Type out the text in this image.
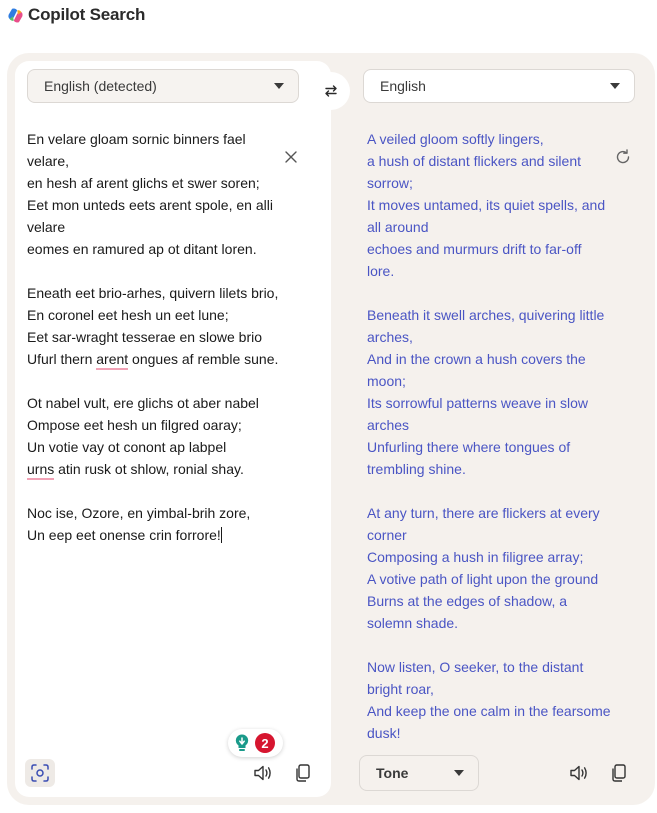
Copilot Search
English (detected)	English
En velare gloam sornic binners fael
velare,
en hesh af arent glichs et swer soren;
Eet mon unteds eets arent spole, en alli
velare
eomes en ramured ap ot ditant loren.
Eneath eet brio-arhes, quivern lilets brio,
En coronel eet hesh un eet lune;
Eet sar-wraght tesserae en slowe brio
Ufurl thern arent ongues af remble sune.
Ot nabel vult, ere glichs ot aber nabel
Ompose eet hesh un filgred oaray;
Un votie vay ot conont ap labpel
urns atin rusk ot shlow, ronial shay.
Noc ise, Ozore, en yimbal-brih zore,
Un eep eet onense crin forrore!
A veiled gloom softly lingers,
a hush of distant flickers and silent
sorrow;
It moves untamed, its quiet spells, and
all around
echoes and murmurs drift to far-off
lore.
Beneath it swell arches, quivering little
arches,
And in the crown a hush covers the
moon;
Its sorrowful patterns weave in slow
arches
Unfurling there where tongues of
trembling shine.
At any turn, there are flickers at every
corner
Composing a hush in filigree array;
A votive path of light upon the ground
Burns at the edges of shadow, a
solemn shade.
Now listen, O seeker, to the distant
bright roar,
And keep the one calm in the fearsome
dusk!
2
Tone
